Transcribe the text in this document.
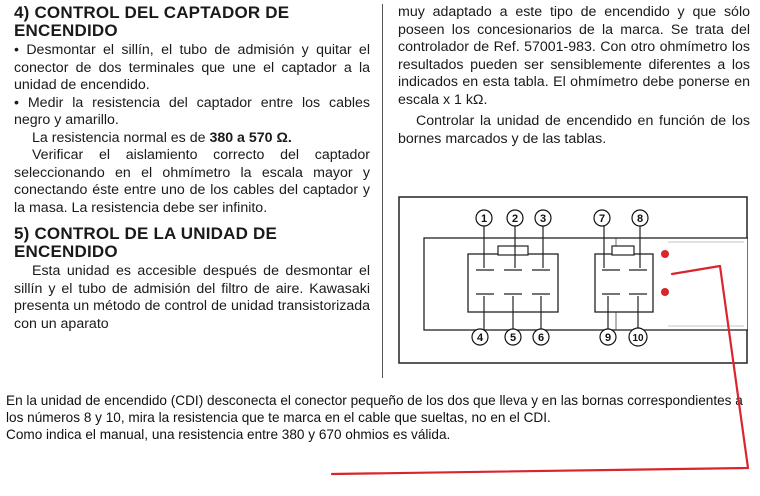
4) CONTROL DEL CAPTADOR DE
ENCENDIDO

• Desmontar el sillín, el tubo de admisión y quitar el conector de dos terminales que une el captador a la unidad de encendido.

• Medir la resistencia del captador entre los cables negro y amarillo.

La resistencia normal es de 380 a 570 Ω.

Verificar el aislamiento correcto del captador seleccionando en el ohmímetro la escala mayor y conectando éste entre uno de los cables del captador y la masa. La resistencia debe ser infinito.

5) CONTROL DE LA UNIDAD DE
ENCENDIDO

Esta unidad es accesible después de desmontar el sillín y el tubo de admisión del filtro de aire. Kawasaki presenta un método de control de unidad transistorizada con un aparato

muy adaptado a este tipo de encendido y que sólo poseen los concesionarios de la marca. Se trata del controlador de Ref. 57001-983. Con otro ohmímetro los resultados pueden ser sensiblemente diferentes a los indicados en esta tabla. El ohmímetro debe ponerse en escala x 1 kΩ.

Controlar la unidad de encendido en función de los bornes marcados y de las tablas.

1 2 3	7	8
4 5 6	9 10

En la unidad de encendido (CDI) desconecta el conector pequeño de los dos que lleva y en las bornas correspondientes a los números 8 y 10, mira la resistencia que te marca en el cable que sueltas, no en el CDI.
Como indica el manual, una resistencia entre 380 y 670 ohmios es válida.
